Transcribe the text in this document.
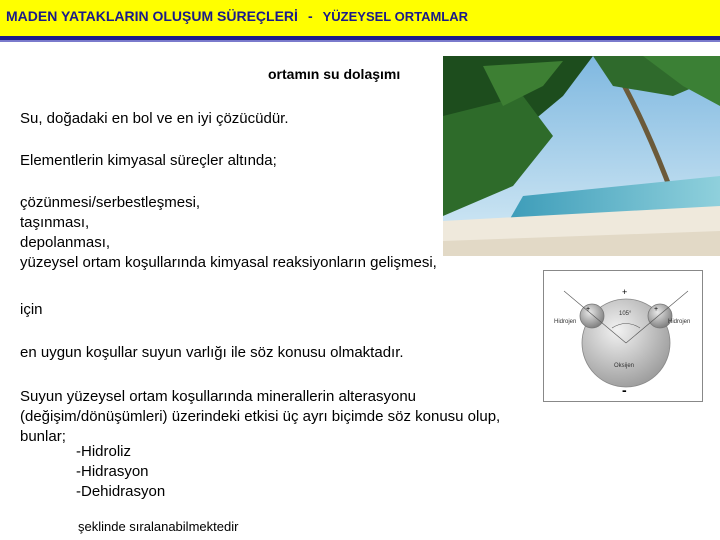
MADEN YATAKLARIN OLUŞUM SÜREÇLERİ - YÜZEYSEL ORTAMLAR
ortamın su dolaşımı
Su, doğadaki en bol ve en iyi çözücüdür.
Elementlerin kimyasal süreçler altında;
çözünmesi/serbestleşmesi,
taşınması,
depolanması,
yüzeysel ortam koşullarında kimyasal reaksiyonların gelişmesi,
için
en uygun koşullar suyun varlığı ile söz konusu olmaktadır.
Suyun yüzeysel ortam koşullarında minerallerin alterasyonu
(değişim/dönüşümleri) üzerindeki etkisi üç ayrı biçimde söz konusu olup,
bunlar;
-Hidroliz
-Hidrasyon
-Dehidrasyon
şeklinde sıralanabilmektedir
105°
Hidrojen	Hidrojen
Oksijen
+
+	+
-
